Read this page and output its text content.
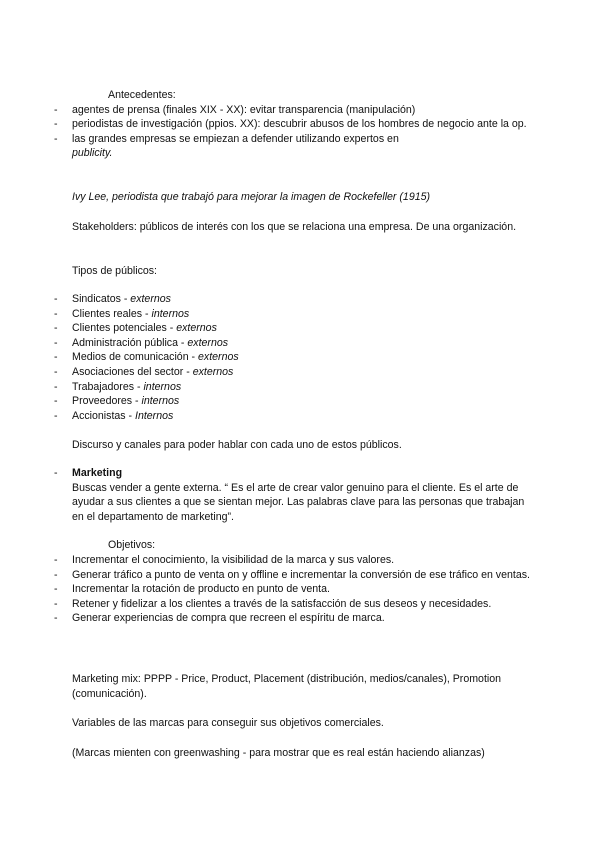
Antecedentes:

- agentes de prensa (finales XIX - XX): evitar transparencia (manipulación)
- periodistas de investigación (ppios. XX): descubrir abusos de los hombres de negocio ante la op.
- las grandes empresas se empiezan a defender utilizando expertos en
publicity.

Ivy Lee, periodista que trabajó para mejorar la imagen de Rockefeller (1915)

Stakeholders: públicos de interés con los que se relaciona una empresa. De una organización.

Tipos de públicos:

- Sindicatos - externos
- Clientes reales - internos
- Clientes potenciales - externos
- Administración pública - externos
- Medios de comunicación - externos
- Asociaciones del sector - externos
- Trabajadores - internos
- Proveedores - internos
- Accionistas - Internos

Discurso y canales para poder hablar con cada uno de estos públicos.

- Marketing
Buscas vender a gente externa. “ Es el arte de crear valor genuino para el cliente. Es el arte de ayudar a sus clientes a que se sientan mejor. Las palabras clave para las personas que trabajan en el departamento de marketing”.

Objetivos:

- Incrementar el conocimiento, la visibilidad de la marca y sus valores.
- Generar tráfico a punto de venta on y offline e incrementar la conversión de ese tráfico en ventas.
- Incrementar la rotación de producto en punto de venta.
- Retener y fidelizar a los clientes a través de la satisfacción de sus deseos y necesidades.
- Generar experiencias de compra que recreen el espíritu de marca.

Marketing mix: PPPP - Price, Product, Placement (distribución, medios/canales), Promotion (comunicación).

Variables de las marcas para conseguir sus objetivos comerciales.

(Marcas mienten con greenwashing - para mostrar que es real están haciendo alianzas)
